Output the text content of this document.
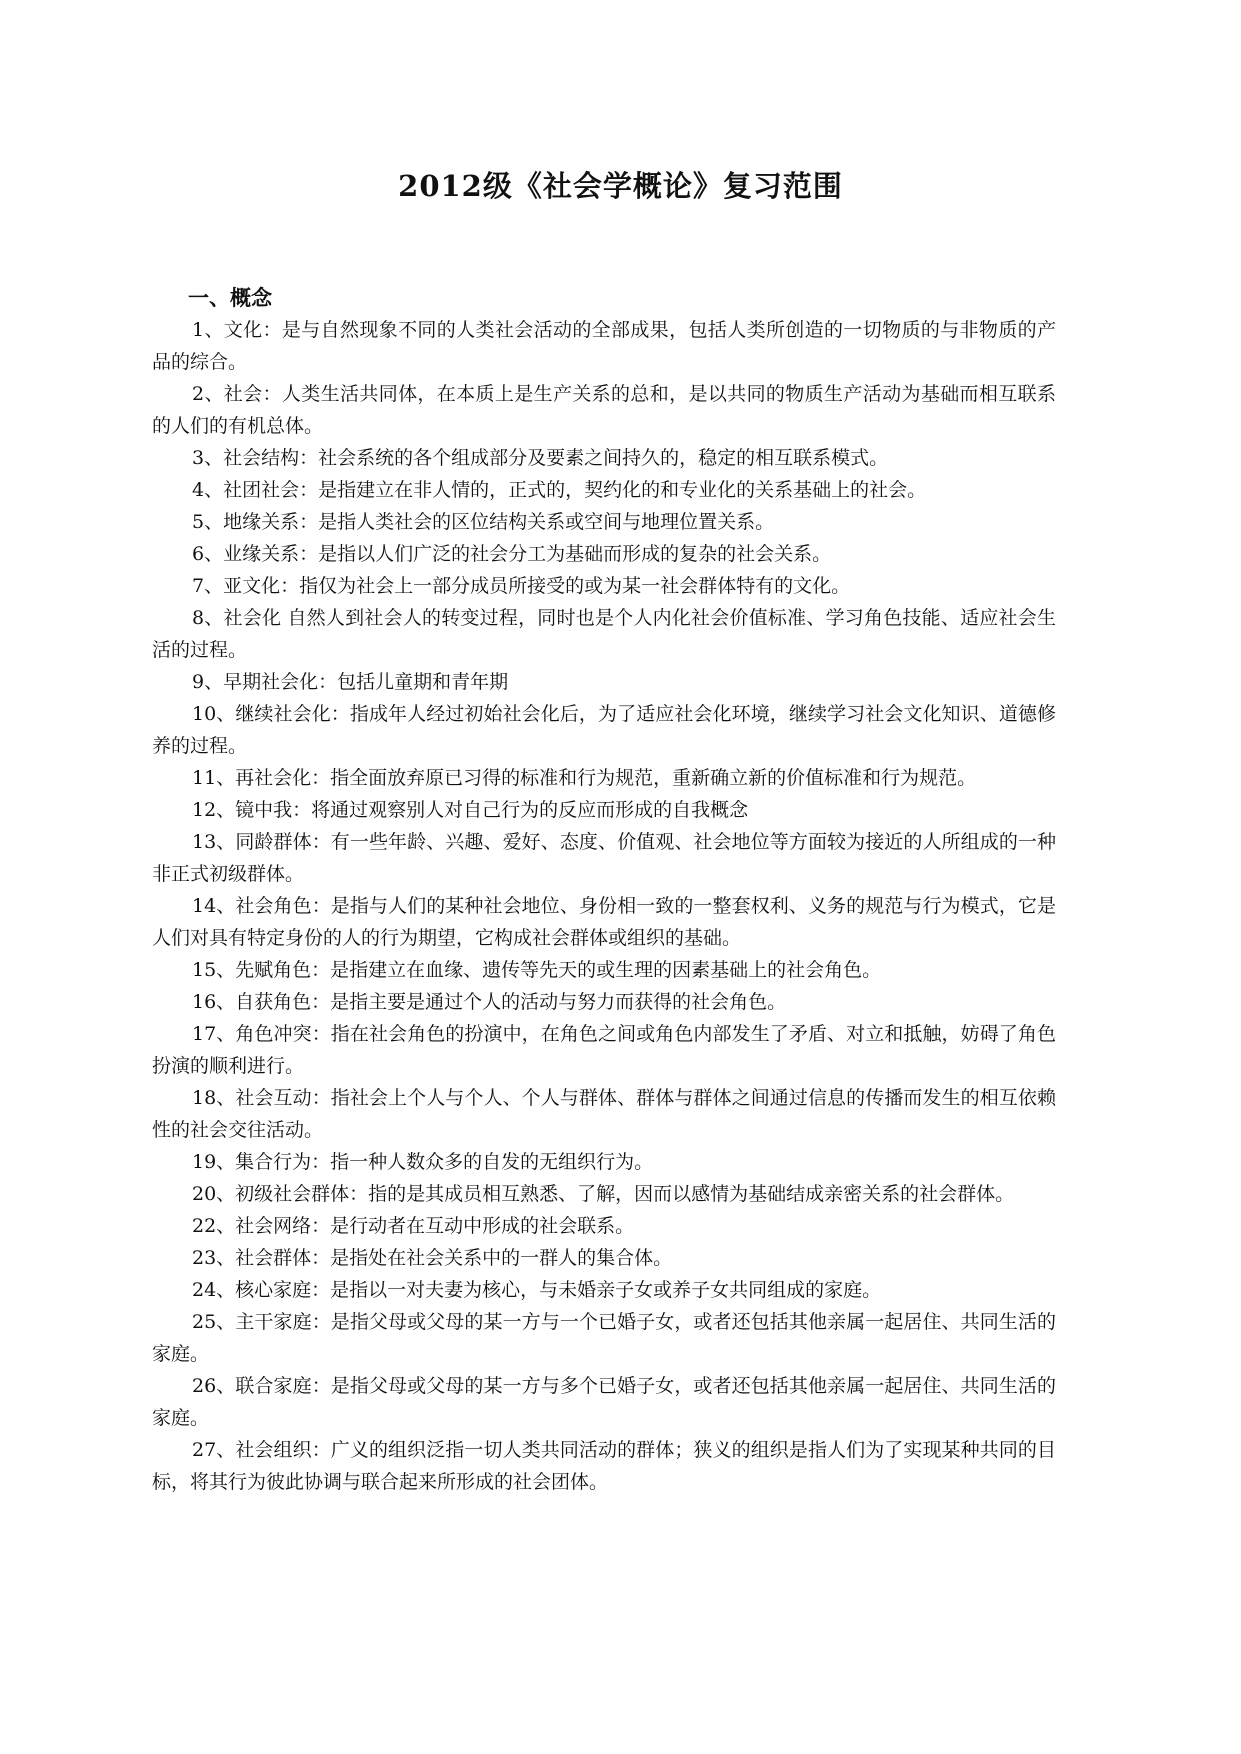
2012级《社会学概论》复习范围

一、概念

1、文化：是与自然现象不同的人类社会活动的全部成果，包括人类所创造的一切物质的与非物质的产品的综合。

2、社会：人类生活共同体，在本质上是生产关系的总和，是以共同的物质生产活动为基础而相互联系的人们的有机总体。

3、社会结构：社会系统的各个组成部分及要素之间持久的，稳定的相互联系模式。

4、社团社会：是指建立在非人情的，正式的，契约化的和专业化的关系基础上的社会。

5、地缘关系：是指人类社会的区位结构关系或空间与地理位置关系。

6、业缘关系：是指以人们广泛的社会分工为基础而形成的复杂的社会关系。

7、亚文化：指仅为社会上一部分成员所接受的或为某一社会群体特有的文化。

8、社会化 自然人到社会人的转变过程，同时也是个人内化社会价值标准、学习角色技能、适应社会生活的过程。

9、早期社会化：包括儿童期和青年期

10、继续社会化：指成年人经过初始社会化后，为了适应社会化环境，继续学习社会文化知识、道德修养的过程。

11、再社会化：指全面放弃原已习得的标准和行为规范，重新确立新的价值标准和行为规范。

12、镜中我：将通过观察别人对自己行为的反应而形成的自我概念

13、同龄群体：有一些年龄、兴趣、爱好、态度、价值观、社会地位等方面较为接近的人所组成的一种非正式初级群体。

14、社会角色：是指与人们的某种社会地位、身份相一致的一整套权利、义务的规范与行为模式，它是人们对具有特定身份的人的行为期望，它构成社会群体或组织的基础。

15、先赋角色：是指建立在血缘、遗传等先天的或生理的因素基础上的社会角色。

16、自获角色：是指主要是通过个人的活动与努力而获得的社会角色。

17、角色冲突：指在社会角色的扮演中，在角色之间或角色内部发生了矛盾、对立和抵触，妨碍了角色扮演的顺利进行。

18、社会互动：指社会上个人与个人、个人与群体、群体与群体之间通过信息的传播而发生的相互依赖性的社会交往活动。

19、集合行为：指一种人数众多的自发的无组织行为。

20、初级社会群体：指的是其成员相互熟悉、了解，因而以感情为基础结成亲密关系的社会群体。

22、社会网络：是行动者在互动中形成的社会联系。

23、社会群体：是指处在社会关系中的一群人的集合体。

24、核心家庭：是指以一对夫妻为核心，与未婚亲子女或养子女共同组成的家庭。

25、主干家庭：是指父母或父母的某一方与一个已婚子女，或者还包括其他亲属一起居住、共同生活的家庭。

26、联合家庭：是指父母或父母的某一方与多个已婚子女，或者还包括其他亲属一起居住、共同生活的家庭。

27、社会组织：广义的组织泛指一切人类共同活动的群体；狭义的组织是指人们为了实现某种共同的目标，将其行为彼此协调与联合起来所形成的社会团体。
